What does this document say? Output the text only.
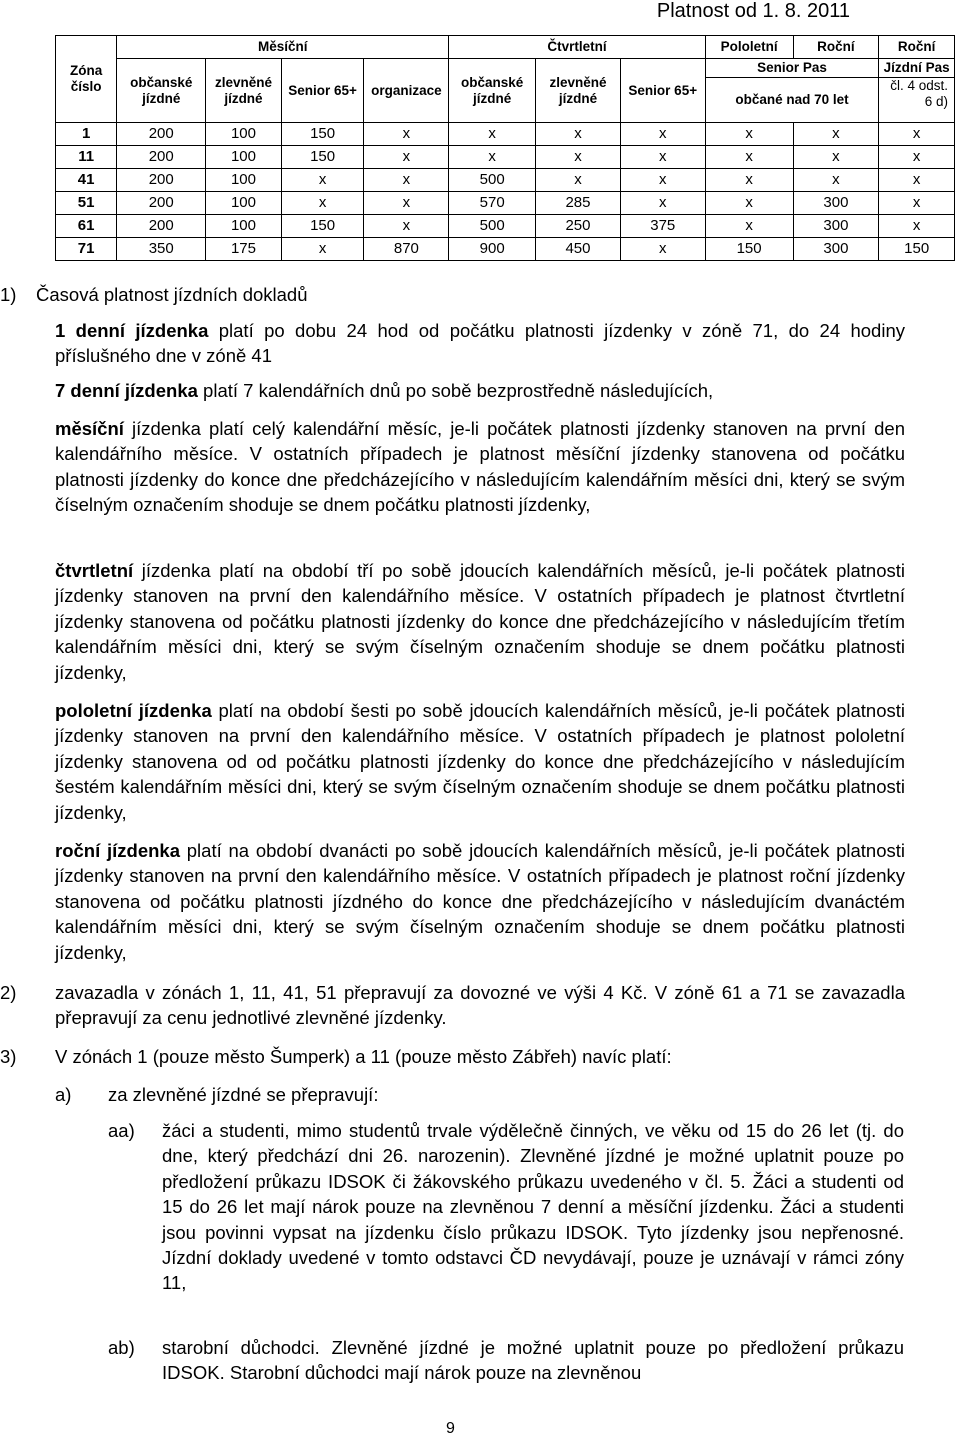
Platnost od 1. 8. 2011
Zóna číslo	Měsíční				Čtvrtletní			Pololetní	Roční	Roční
	občanské jízdné	zlevněné jízdné	Senior 65+	organizace	občanské jízdné	zlevněné jízdné	Senior 65+	Senior Pas		Jízdní Pas
								občané nad 70 let		čl. 4 odst. 6 d)

1	200	100	150	x	x	x	x	x	x	x
11	200	100	150	x	x	x	x	x	x	x
41	200	100	x	x	500	x	x	x	x	x
51	200	100	x	x	570	285	x	x	300	x
61	200	100	150	x	500	250	375	x	300	x
71	350	175	x	870	900	450	x	150	300	150
1) Časová platnost jízdních dokladů
1 denní jízdenka platí po dobu 24 hod od počátku platnosti jízdenky v zóně 71, do 24 hodiny příslušného dne v zóně 41
7 denní jízdenka platí 7 kalendářních dnů po sobě bezprostředně následujících,
měsíční jízdenka platí celý kalendářní měsíc, je-li počátek platnosti jízdenky stanoven na první den kalendářního měsíce. V ostatních případech je platnost měsíční jízdenky stanovena od počátku platnosti jízdenky do konce dne předcházejícího v následujícím kalendářním měsíci dni, který se svým číselným označením shoduje se dnem počátku platnosti jízdenky,
čtvrtletní jízdenka platí na období tří po sobě jdoucích kalendářních měsíců, je-li počátek platnosti jízdenky stanoven na první den kalendářního měsíce. V ostatních případech je platnost čtvrtletní jízdenky stanovena od počátku platnosti jízdenky do konce dne předcházejícího v následujícím třetím kalendářním měsíci dni, který se svým číselným označením shoduje se dnem počátku platnosti jízdenky,
pololetní jízdenka platí na období šesti po sobě jdoucích kalendářních měsíců, je-li počátek platnosti jízdenky stanoven na první den kalendářního měsíce. V ostatních případech je platnost pololetní jízdenky stanovena od od počátku platnosti jízdenky do konce dne předcházejícího v následujícím šestém kalendářním měsíci dni, který se svým číselným označením shoduje se dnem počátku platnosti jízdenky,
roční jízdenka platí na období dvanácti po sobě jdoucích kalendářních měsíců, je-li počátek platnosti jízdenky stanoven na první den kalendářního měsíce. V ostatních případech je platnost roční jízdenky stanovena od počátku platnosti jízdného do konce dne předcházejícího v následujícím dvanáctém kalendářním měsíci dni, který se svým číselným označením shoduje se dnem počátku platnosti jízdenky,
2) zavazadla v zónách 1, 11, 41, 51 přepravují za dovozné ve výši 4 Kč. V zóně 61 a 71 se zavazadla přepravují za cenu jednotlivé zlevněné jízdenky.
3) V zónách 1 (pouze město Šumperk) a 11 (pouze město Zábřeh) navíc platí:
a) za zlevněné jízdné se přepravují:
aa) žáci a studenti, mimo studentů trvale výdělečně činných, ve věku od 15 do 26 let (tj. do dne, který předchází dni 26. narozenin). Zlevněné jízdné je možné uplatnit pouze po předložení průkazu IDSOK či žákovského průkazu uvedeného v čl. 5. Žáci a studenti od 15 do 26 let mají nárok pouze na zlevněnou 7 denní a měsíční jízdenku. Žáci a studenti jsou povinni vypsat na jízdenku číslo průkazu IDSOK. Tyto jízdenky jsou nepřenosné. Jízdní doklady uvedené v tomto odstavci ČD nevydávají, pouze je uznávají v rámci zóny 11,
ab) starobní důchodci. Zlevněné jízdné je možné uplatnit pouze po předložení průkazu IDSOK. Starobní důchodci mají nárok pouze na zlevněnou
9
